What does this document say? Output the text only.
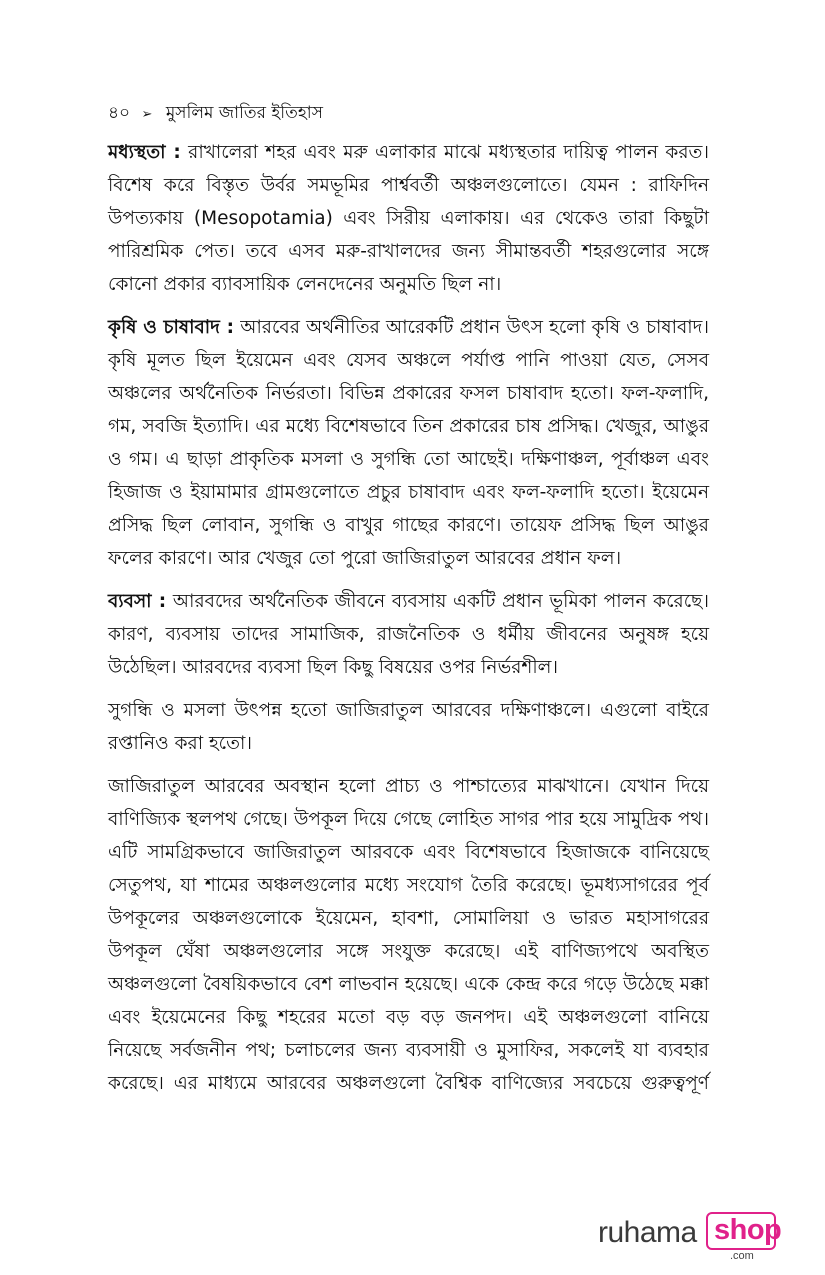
৪০ ➢ মুসলিম জাতির ইতিহাস

মধ্যস্থতা : রাখালেরা শহর এবং মরু এলাকার মাঝে মধ্যস্থতার দায়িত্ব পালন করত। বিশেষ করে বিস্তৃত উর্বর সমভূমির পার্শ্ববর্তী অঞ্চলগুলোতে। যেমন : রাফিদিন উপত্যকায় (Mesopotamia) এবং সিরীয় এলাকায়। এর থেকেও তারা কিছুটা পারিশ্রমিক পেত। তবে এসব মরু-রাখালদের জন্য সীমান্তবর্তী শহরগুলোর সঙ্গে কোনো প্রকার ব্যাবসায়িক লেনদেনের অনুমতি ছিল না।

কৃষি ও চাষাবাদ : আরবের অর্থনীতির আরেকটি প্রধান উৎস হলো কৃষি ও চাষাবাদ। কৃষি মূলত ছিল ইয়েমেন এবং যেসব অঞ্চলে পর্যাপ্ত পানি পাওয়া যেত, সেসব অঞ্চলের অর্থনৈতিক নির্ভরতা। বিভিন্ন প্রকারের ফসল চাষাবাদ হতো। ফল-ফলাদি, গম, সবজি ইত্যাদি। এর মধ্যে বিশেষভাবে তিন প্রকারের চাষ প্রসিদ্ধ। খেজুর, আঙুর ও গম। এ ছাড়া প্রাকৃতিক মসলা ও সুগন্ধি তো আছেই। দক্ষিণাঞ্চল, পূর্বাঞ্চল এবং হিজাজ ও ইয়ামামার গ্রামগুলোতে প্রচুর চাষাবাদ এবং ফল-ফলাদি হতো। ইয়েমেন প্রসিদ্ধ ছিল লোবান, সুগন্ধি ও বাখুর গাছের কারণে। তায়েফ প্রসিদ্ধ ছিল আঙুর ফলের কারণে। আর খেজুর তো পুরো জাজিরাতুল আরবের প্রধান ফল।

ব্যবসা : আরবদের অর্থনৈতিক জীবনে ব্যবসায় একটি প্রধান ভূমিকা পালন করেছে। কারণ, ব্যবসায় তাদের সামাজিক, রাজনৈতিক ও ধর্মীয় জীবনের অনুষঙ্গ হয়ে উঠেছিল। আরবদের ব্যবসা ছিল কিছু বিষয়ের ওপর নির্ভরশীল।

সুগন্ধি ও মসলা উৎপন্ন হতো জাজিরাতুল আরবের দক্ষিণাঞ্চলে। এগুলো বাইরে রপ্তানিও করা হতো।

জাজিরাতুল আরবের অবস্থান হলো প্রাচ্য ও পাশ্চাত্যের মাঝখানে। যেখান দিয়ে বাণিজ্যিক স্থলপথ গেছে। উপকূল দিয়ে গেছে লোহিত সাগর পার হয়ে সামুদ্রিক পথ। এটি সামগ্রিকভাবে জাজিরাতুল আরবকে এবং বিশেষভাবে হিজাজকে বানিয়েছে সেতুপথ, যা শামের অঞ্চলগুলোর মধ্যে সংযোগ তৈরি করেছে। ভূমধ্যসাগরের পূর্ব উপকূলের অঞ্চলগুলোকে ইয়েমেন, হাবশা, সোমালিয়া ও ভারত মহাসাগরের উপকূল ঘেঁষা অঞ্চলগুলোর সঙ্গে সংযুক্ত করেছে। এই বাণিজ্যপথে অবস্থিত অঞ্চলগুলো বৈষয়িকভাবে বেশ লাভবান হয়েছে। একে কেন্দ্র করে গড়ে উঠেছে মক্কা এবং ইয়েমেনের কিছু শহরের মতো বড় বড় জনপদ। এই অঞ্চলগুলো বানিয়ে নিয়েছে সর্বজনীন পথ; চলাচলের জন্য ব্যবসায়ী ও মুসাফির, সকলেই যা ব্যবহার করেছে। এর মাধ্যমে আরবের অঞ্চলগুলো বৈশ্বিক বাণিজ্যের সবচেয়ে গুরুত্বপূর্ণ

ruhama shop
.com
